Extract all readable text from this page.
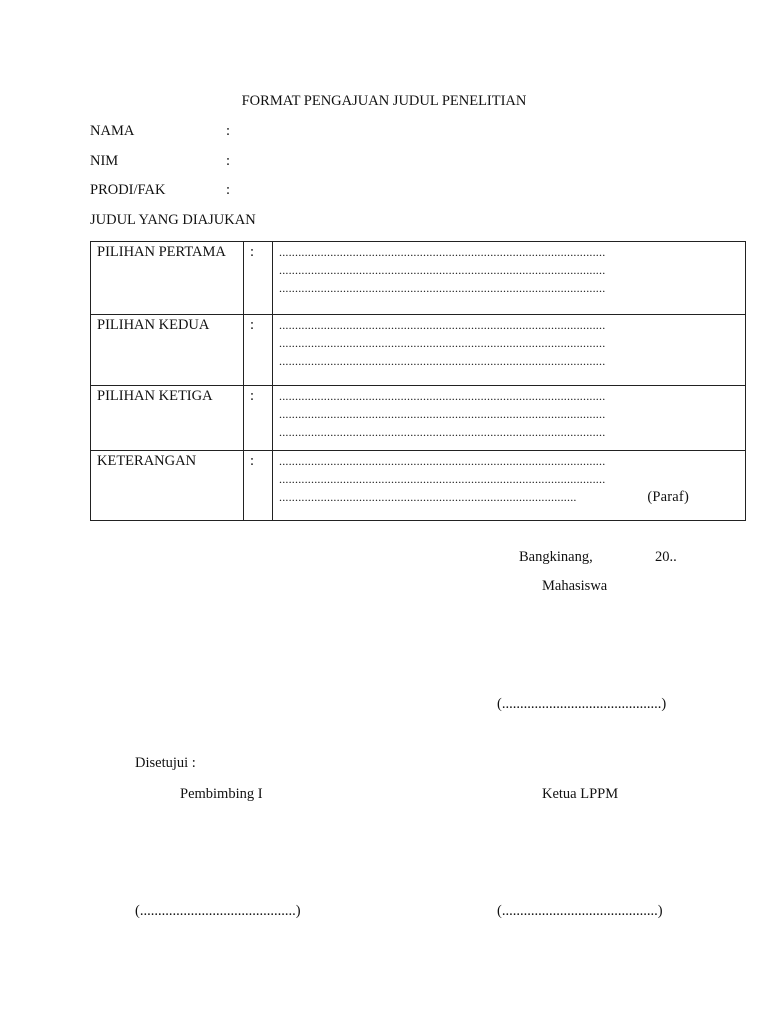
FORMAT PENGAJUAN JUDUL PENELITIAN
NAMA	:
NIM	:
PRODI/FAK	:
JUDUL YANG DIAJUKAN
PILIHAN PERTAMA	:	......................................................................................................
......................................................................................................
......................................................................................................

PILIHAN KEDUA	:	......................................................................................................
......................................................................................................
......................................................................................................

PILIHAN KETIGA	:	......................................................................................................
......................................................................................................
......................................................................................................

KETERANGAN	:	......................................................................................................
......................................................................................................
............................................................................................. (Paraf)
Bangkinang,	20..
Mahasiswa
(............................................)
Disetujui :
Pembimbing I	Ketua LPPM
(...........................................)	(...........................................)
